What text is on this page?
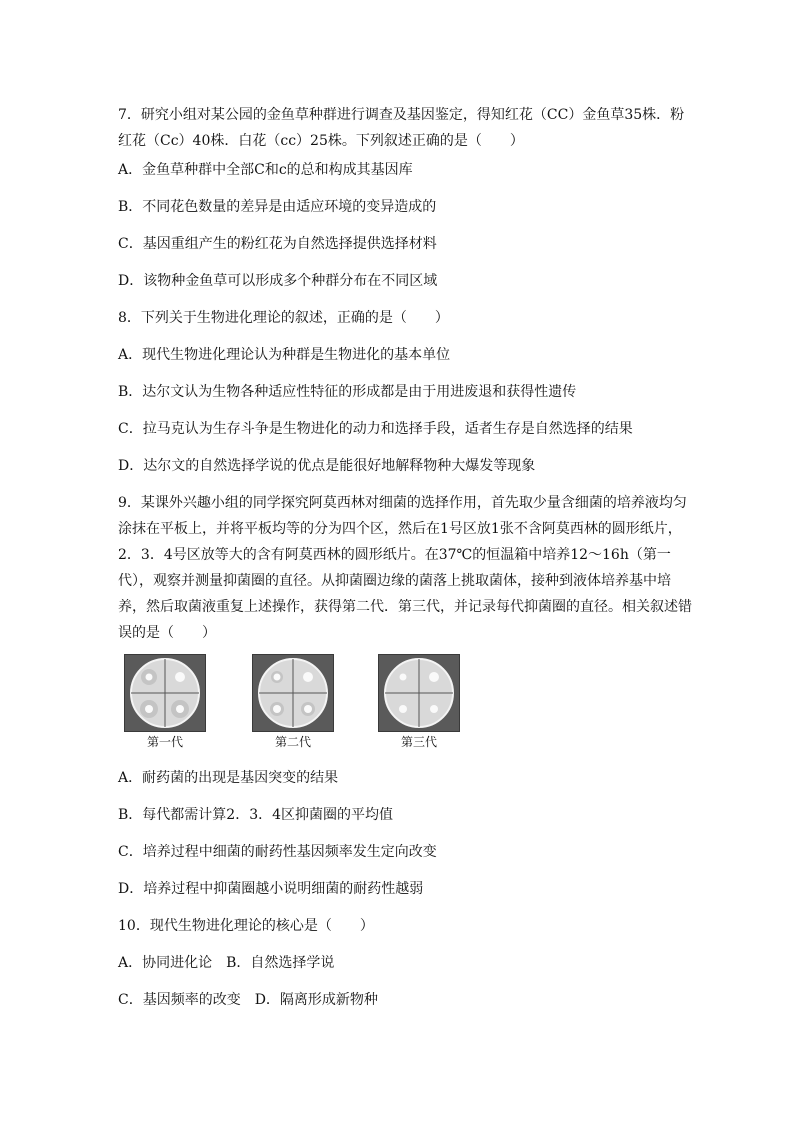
7．研究小组对某公园的金鱼草种群进行调查及基因鉴定，得知红花（CC）金鱼草35株．粉红花（Cc）40株．白花（cc）25株。下列叙述正确的是（　　）

A．金鱼草种群中全部C和c的总和构成其基因库

B．不同花色数量的差异是由适应环境的变异造成的

C．基因重组产生的粉红花为自然选择提供选择材料

D．该物种金鱼草可以形成多个种群分布在不同区域

8．下列关于生物进化理论的叙述，正确的是（　　）

A．现代生物进化理论认为种群是生物进化的基本单位

B．达尔文认为生物各种适应性特征的形成都是由于用进废退和获得性遗传

C．拉马克认为生存斗争是生物进化的动力和选择手段，适者生存是自然选择的结果

D．达尔文的自然选择学说的优点是能很好地解释物种大爆发等现象

9．某课外兴趣小组的同学探究阿莫西林对细菌的选择作用，首先取少量含细菌的培养液均匀涂抹在平板上，并将平板均等的分为四个区，然后在1号区放1张不含阿莫西林的圆形纸片，2．3．4号区放等大的含有阿莫西林的圆形纸片。在37℃的恒温箱中培养12～16h（第一代），观察并测量抑菌圈的直径。从抑菌圈边缘的菌落上挑取菌体，接种到液体培养基中培养，然后取菌液重复上述操作，获得第二代．第三代，并记录每代抑菌圈的直径。相关叙述错误的是（　　）

第一代	第二代	第三代

A．耐药菌的出现是基因突变的结果

B．每代都需计算2．3．4区抑菌圈的平均值

C．培养过程中细菌的耐药性基因频率发生定向改变

D．培养过程中抑菌圈越小说明细菌的耐药性越弱

10．现代生物进化理论的核心是（　　）

A．协同进化论　B．自然选择学说

C．基因频率的改变　D．隔离形成新物种
